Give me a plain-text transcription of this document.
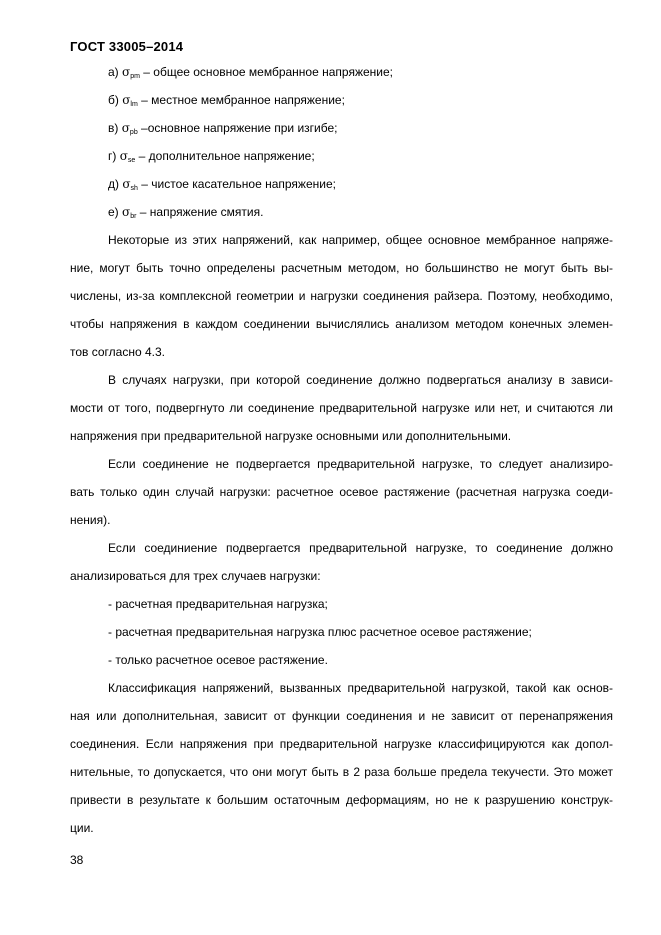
ГОСТ 33005–2014
а) $\sigma_{pm}$ – общее основное мембранное напряжение;
б) $\sigma_{lm}$ – местное мембранное напряжение;
в) $\sigma_{pb}$ –основное напряжение при изгибе;
г) $\sigma_{se}$ – дополнительное напряжение;
д) $\sigma_{sh}$ – чистое касательное напряжение;
е) $\sigma_{br}$ – напряжение смятия.
Некоторые из этих напряжений, как например, общее основное мембранное напряже-
ние, могут быть точно определены расчетным методом, но большинство не могут быть вы-
числены, из-за комплексной геометрии и нагрузки соединения райзера. Поэтому, необходимо,
чтобы напряжения в каждом соединении вычислялись анализом методом конечных элемен-
тов согласно 4.3.
В случаях нагрузки, при которой соединение должно подвергаться анализу в зависи-
мости от того, подвергнуто ли соединение предварительной нагрузке или нет, и считаются ли
напряжения при предварительной нагрузке основными или дополнительными.
Если соединение не подвергается предварительной нагрузке, то следует анализиро-
вать только один случай нагрузки: расчетное осевое растяжение (расчетная нагрузка соеди-
нения).
Если соединиение подвергается предварительной нагрузке, то соединение должно
анализироваться для трех случаев нагрузки:
- расчетная предварительная нагрузка;
- расчетная предварительная нагрузка плюс расчетное осевое растяжение;
- только расчетное осевое растяжение.
Классификация напряжений, вызванных предварительной нагрузкой, такой как основ-
ная или дополнительная, зависит от функции соединения и не зависит от перенапряжения
соединения. Если напряжения при предварительной нагрузке классифицируются как допол-
нительные, то допускается, что они могут быть в 2 раза больше предела текучести. Это может
привести в результате к большим остаточным деформациям, но не к разрушению конструк-
ции.
38
